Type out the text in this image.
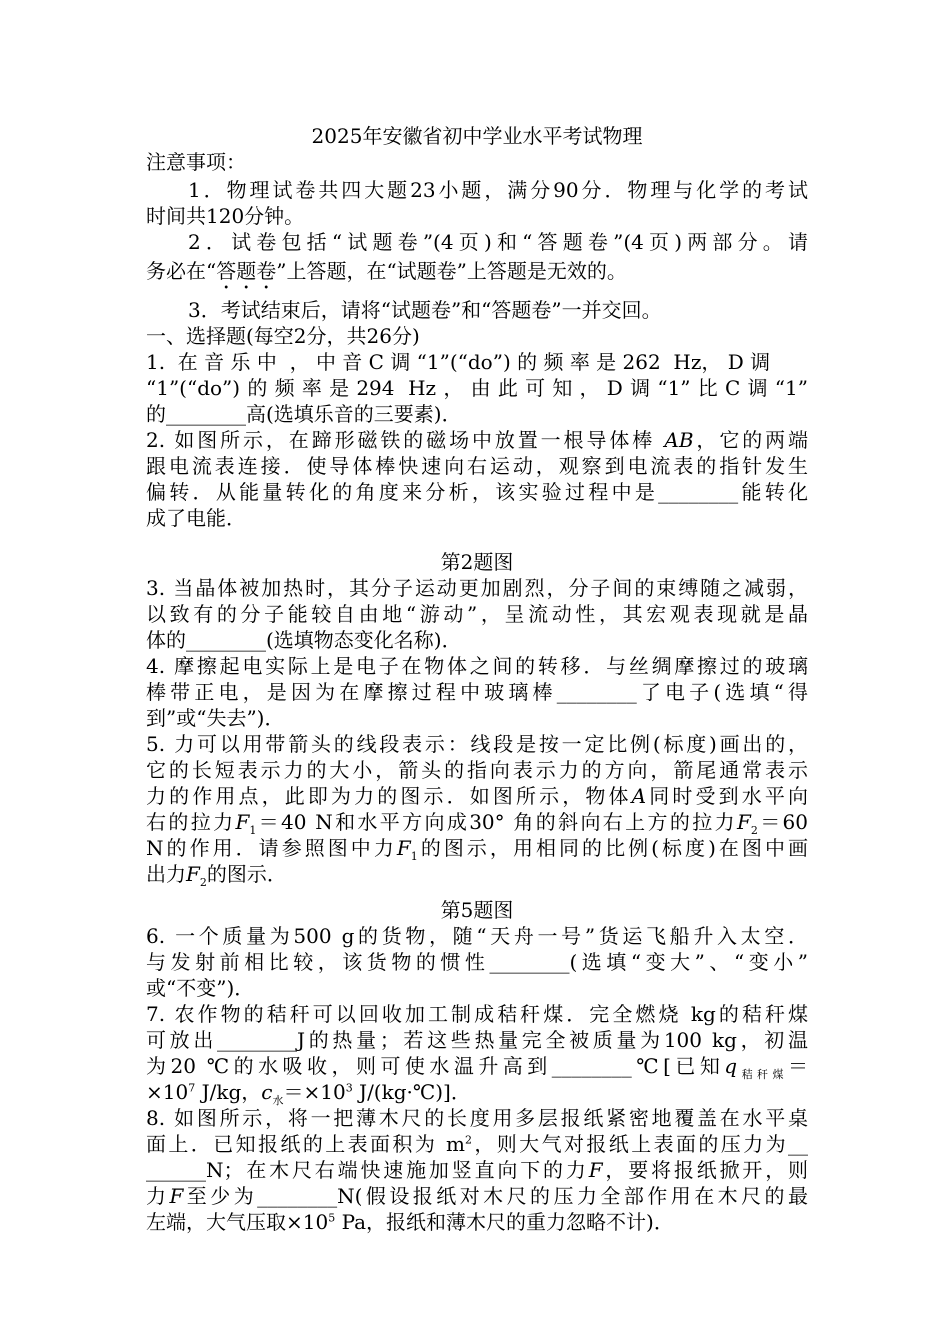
2025年安徽省初中学业水平考试物理
注意事项：
1．物理试卷共四大题23小题，满分90分．物理与化学的考试
时间共120分钟。
2．试卷包括“试题卷”(4页)和“答题卷”(4页)两部分。请
务必在“答题卷”上答题，在“试题卷”上答题是无效的。
3．考试结束后，请将“试题卷”和“答题卷”一并交回。
一、选择题(每空2分，共26分)
1.  在 音 乐 中  ， 中 音 C 调 “1”(“do”) 的 频 率 是 262  Hz， D 调
“1”(“do”)的频率是294 Hz，由此可知，D调“1”比C调“1”
的________高(选填乐音的三要素)．
2. 如图所示，在蹄形磁铁的磁场中放置一根导体棒 AB，它的两端
跟电流表连接．使导体棒快速向右运动，观察到电流表的指针发生
偏转．从能量转化的角度来分析，该实验过程中是________能转化
成了电能．
第2题图
3. 当晶体被加热时，其分子运动更加剧烈，分子间的束缚随之减弱，
以致有的分子能较自由地“游动”，呈流动性，其宏观表现就是晶
体的________(选填物态变化名称)．
4. 摩擦起电实际上是电子在物体之间的转移．与丝绸摩擦过的玻璃
棒带正电，是因为在摩擦过程中玻璃棒________了电子(选填“得
到”或“失去”)．
5. 力可以用带箭头的线段表示：线段是按一定比例(标度)画出的，
它的长短表示力的大小，箭头的指向表示力的方向，箭尾通常表示
力的作用点，此即为力的图示．如图所示，物体A同时受到水平向
右的拉力$F_1=40$ N和水平方向成30° 角的斜向右上方的拉力$F_2=60$
N的作用．请参照图中力$F_1$的图示，用相同的比例(标度)在图中画
出力$F_2$的图示．
第5题图
6. 一个质量为500 g的货物，随“天舟一号”货运飞船升入太空．
与发射前相比较，该货物的惯性________(选填“变大”、“变小”
或“不变”)．
7. 农作物的秸秆可以回收加工制成秸秆煤．完全燃烧 kg的秸秆煤
可放出________J的热量；若这些热量完全被质量为100 kg，初温
为20 ℃的水吸收，则可使水温升高到________℃[已知$q_{秸秆煤}=$
$\times 10^7$ J/kg，$c_水=\times 10^3$ J/(kg·℃)]．
8. 如图所示，将一把薄木尺的长度用多层报纸紧密地覆盖在水平桌
面上．已知报纸的上表面积为 $m^2$，则大气对报纸上表面的压力为__
______N；在木尺右端快速施加竖直向下的力F，要将报纸掀开，则
力F至少为________N(假设报纸对木尺的压力全部作用在木尺的最
左端，大气压取$\times 10^5$ Pa，报纸和薄木尺的重力忽略不计)．
